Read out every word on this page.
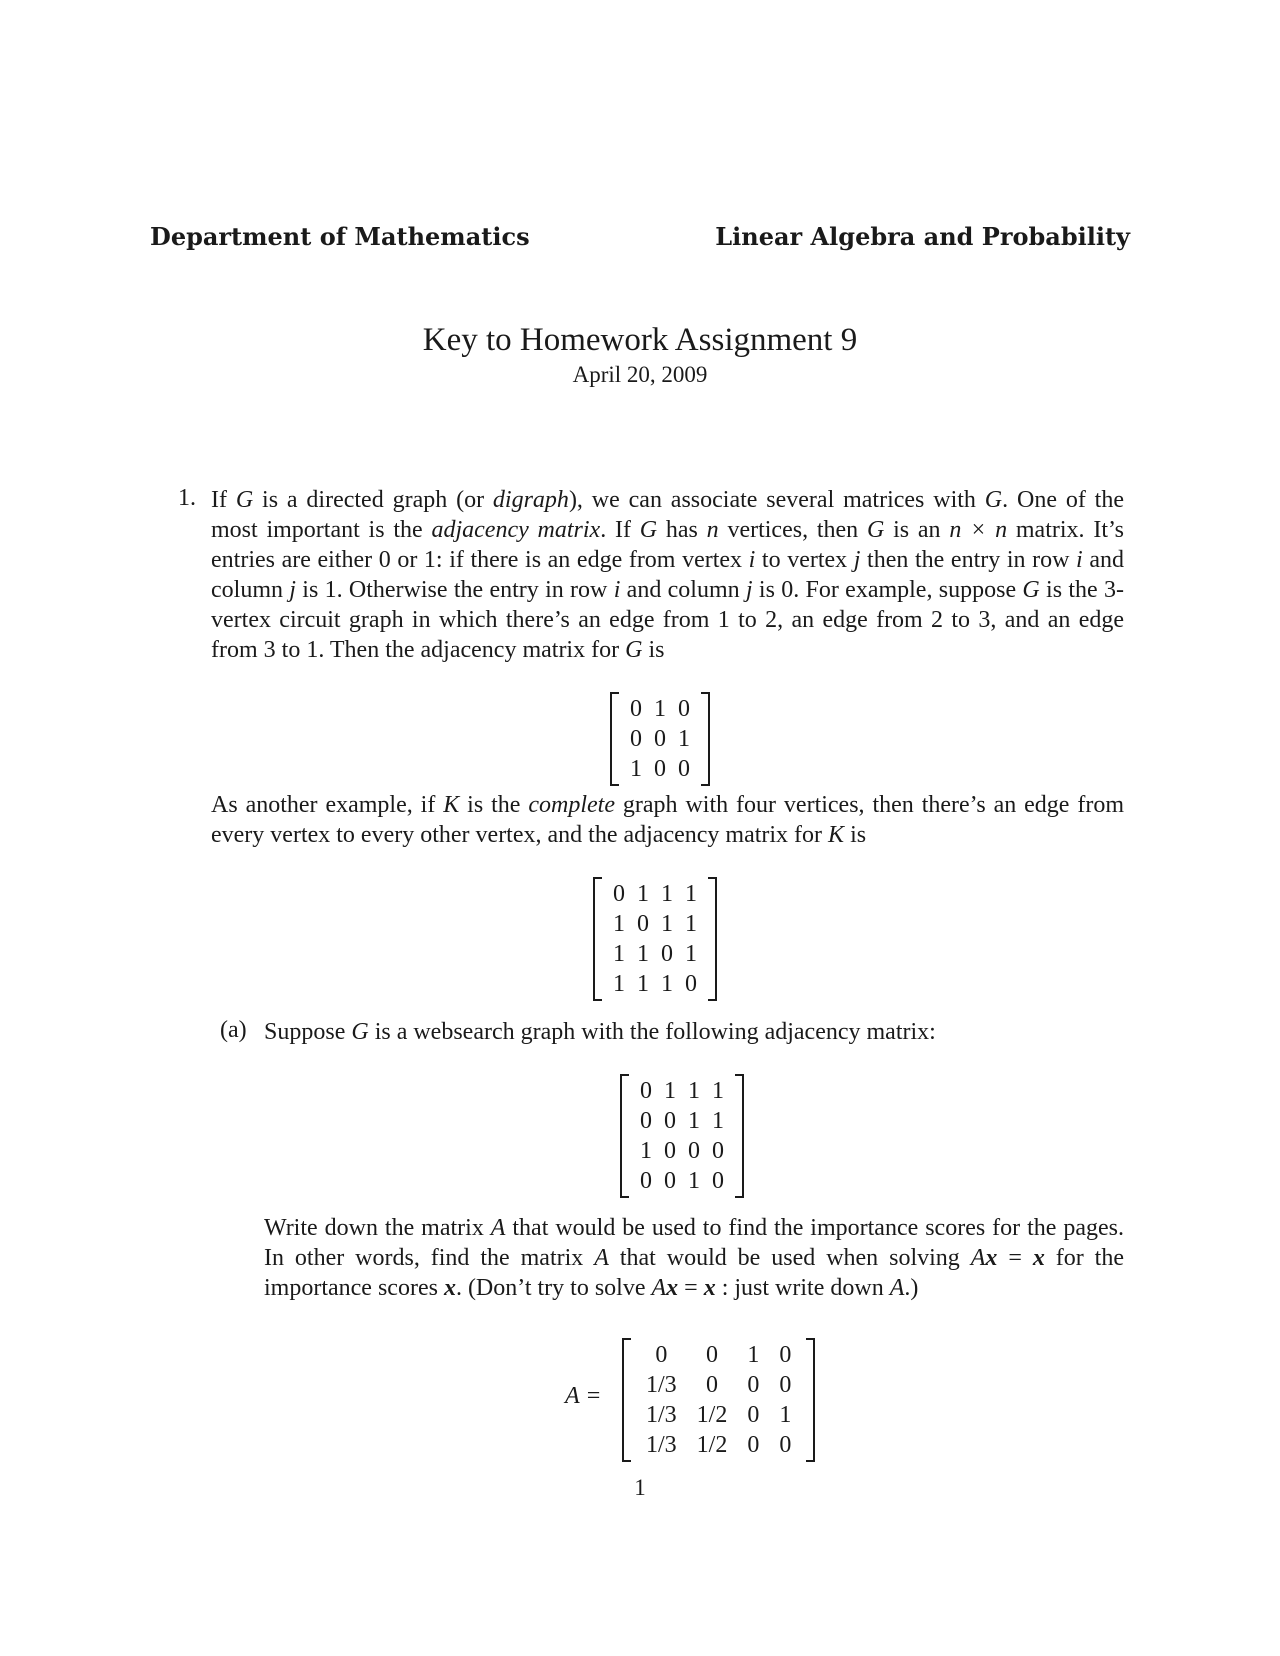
Department of Mathematics	Linear Algebra and Probability
Key to Homework Assignment 9
April 20, 2009
1. If G is a directed graph (or digraph), we can associate several matrices with G. One of the most important is the adjacency matrix. If G has n vertices, then G is an n × n matrix. It’s entries are either 0 or 1: if there is an edge from vertex i to vertex j then the entry in row i and column j is 1. Otherwise the entry in row i and column j is 0. For example, suppose G is the 3-vertex circuit graph in which there’s an edge from 1 to 2, an edge from 2 to 3, and an edge from 3 to 1. Then the adjacency matrix for G is
0	1	0
0	0	1
1	0	0
As another example, if K is the complete graph with four vertices, then there’s an edge from every vertex to every other vertex, and the adjacency matrix for K is
0	1	1	1
1	0	1	1
1	1	0	1
1	1	1	0
(a) Suppose G is a websearch graph with the following adjacency matrix:
0	1	1	1
0	0	1	1
1	0	0	0
0	0	1	0
Write down the matrix A that would be used to find the importance scores for the pages. In other words, find the matrix A that would be used when solving Ax = x for the importance scores x. (Don’t try to solve Ax = x : just write down A.)
A =
0	0	1	0
1/3	0	0	0
1/3	1/2	0	1
1/3	1/2	0	0
1
